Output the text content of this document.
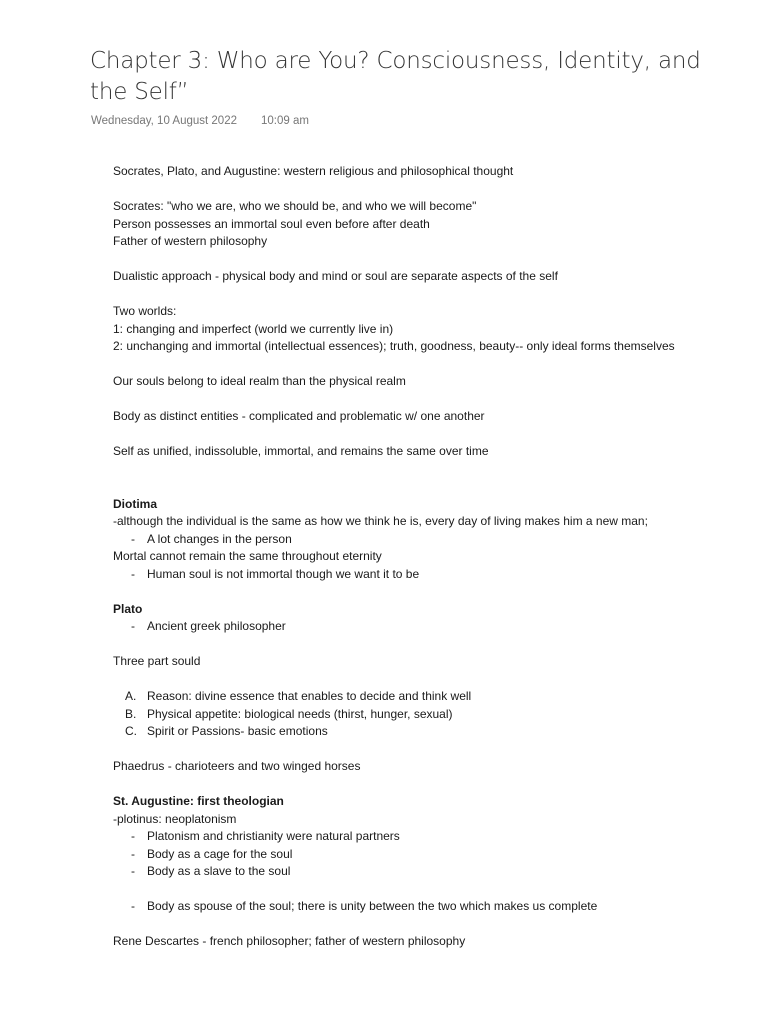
Chapter 3: Who are You? Consciousness, Identity, and the Self”
Wednesday, 10 August 2022 10:09 am
Socrates, Plato, and Augustine: western religious and philosophical thought
Socrates: "who we are, who we should be, and who we will become"
Person possesses an immortal soul even before after death
Father of western philosophy
Dualistic approach - physical body and mind or soul are separate aspects of the self
Two worlds:
1: changing and imperfect (world we currently live in)
2: unchanging and immortal (intellectual essences); truth, goodness, beauty-- only ideal forms themselves
Our souls belong to ideal realm than the physical realm
Body as distinct entities - complicated and problematic w/ one another
Self as unified, indissoluble, immortal, and remains the same over time
Diotima
-although the individual is the same as how we think he is, every day of living makes him a new man;
-	A lot changes in the person
Mortal cannot remain the same throughout eternity
-	Human soul is not immortal though we want it to be
Plato
-	Ancient greek philosopher
Three part sould
A. Reason: divine essence that enables to decide and think well
B. Physical appetite: biological needs (thirst, hunger, sexual)
C. Spirit or Passions- basic emotions
Phaedrus - charioteers and two winged horses
St. Augustine: first theologian
-plotinus: neoplatonism
-	Platonism and christianity were natural partners
-	Body as a cage for the soul
-	Body as a slave to the soul
-	Body as spouse of the soul; there is unity between the two which makes us complete
Rene Descartes - french philosopher; father of western philosophy
